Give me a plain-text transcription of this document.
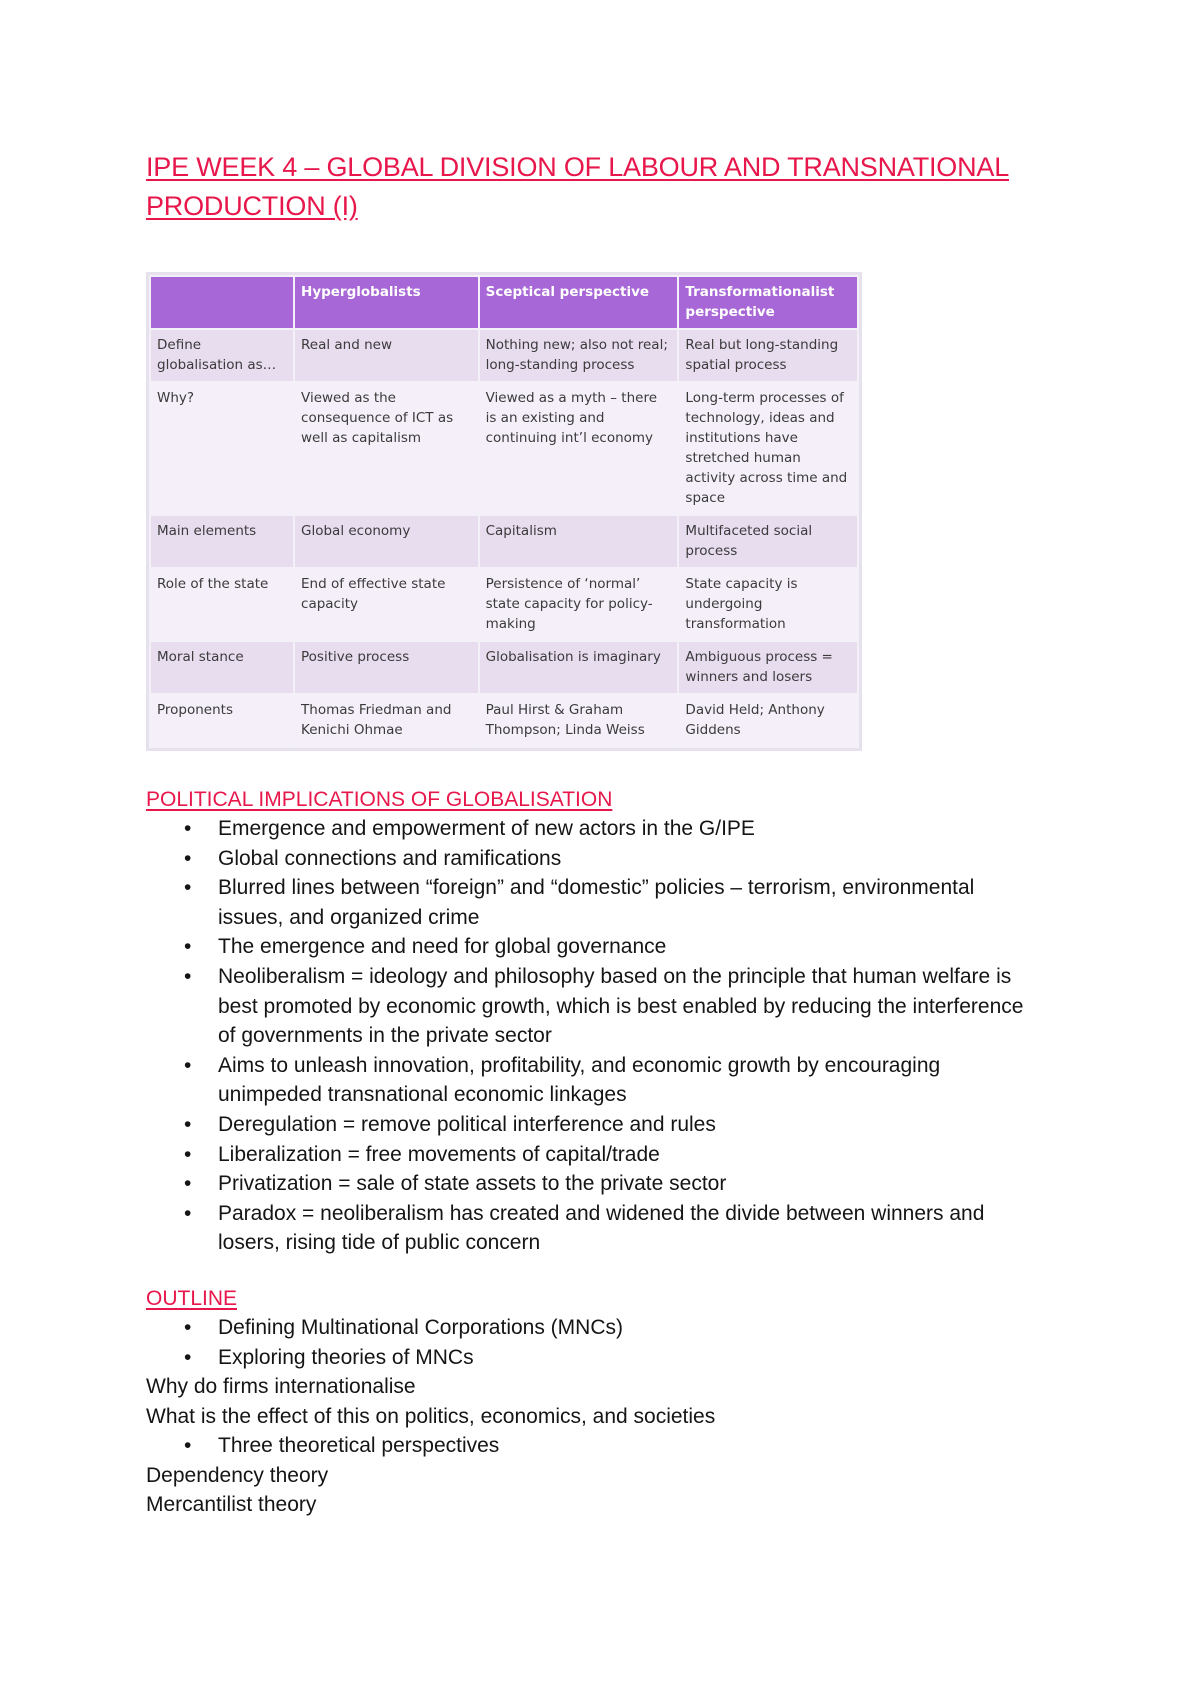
IPE WEEK 4 – GLOBAL DIVISION OF LABOUR AND TRANSNATIONAL
PRODUCTION (I)
	Hyperglobalists	Sceptical perspective	Transformationalist perspective
Define globalisation as…	Real and new	Nothing new; also not real; long-standing process	Real but long-standing spatial process
Why?	Viewed as the consequence of ICT as well as capitalism	Viewed as a myth – there is an existing and continuing int’l economy	Long-term processes of technology, ideas and institutions have stretched human activity across time and space
Main elements	Global economy	Capitalism	Multifaceted social process
Role of the state	End of effective state capacity	Persistence of ‘normal’ state capacity for policy-making	State capacity is undergoing transformation
Moral stance	Positive process	Globalisation is imaginary	Ambiguous process = winners and losers
Proponents	Thomas Friedman and Kenichi Ohmae	Paul Hirst & Graham Thompson; Linda Weiss	David Held; Anthony Giddens
POLITICAL IMPLICATIONS OF GLOBALISATION
• Emergence and empowerment of new actors in the G/IPE
• Global connections and ramifications
• Blurred lines between “foreign” and “domestic” policies – terrorism, environmental issues, and organized crime
• The emergence and need for global governance
• Neoliberalism = ideology and philosophy based on the principle that human welfare is best promoted by economic growth, which is best enabled by reducing the interference of governments in the private sector
• Aims to unleash innovation, profitability, and economic growth by encouraging unimpeded transnational economic linkages
• Deregulation = remove political interference and rules
• Liberalization = free movements of capital/trade
• Privatization = sale of state assets to the private sector
• Paradox = neoliberalism has created and widened the divide between winners and losers, rising tide of public concern
OUTLINE
• Defining Multinational Corporations (MNCs)
• Exploring theories of MNCs
Why do firms internationalise
What is the effect of this on politics, economics, and societies
• Three theoretical perspectives
Dependency theory
Mercantilist theory
